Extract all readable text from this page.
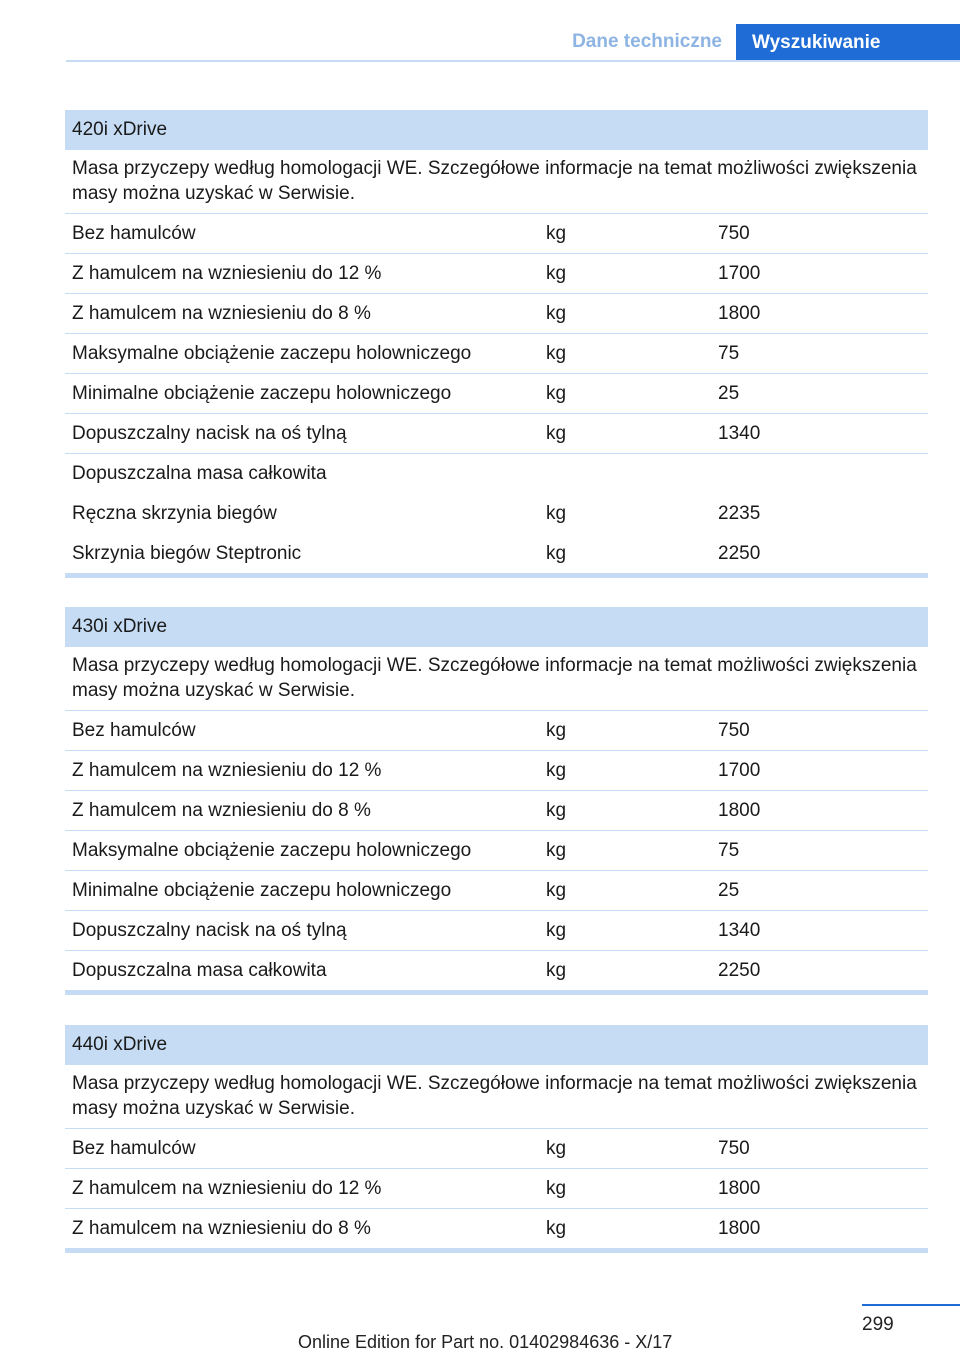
Dane techniczne	Wyszukiwanie
420i xDrive
Masa przyczepy według homologacji WE. Szczegółowe informacje na temat możliwości zwiększenia masy można uzyskać w Serwisie.
Bez hamulców	kg	750
Z hamulcem na wzniesieniu do 12 %	kg	1700
Z hamulcem na wzniesieniu do 8 %	kg	1800
Maksymalne obciążenie zaczepu holowniczego	kg	75
Minimalne obciążenie zaczepu holowniczego	kg	25
Dopuszczalny nacisk na oś tylną	kg	1340
Dopuszczalna masa całkowita
Ręczna skrzynia biegów	kg	2235
Skrzynia biegów Steptronic	kg	2250
430i xDrive
Masa przyczepy według homologacji WE. Szczegółowe informacje na temat możliwości zwiększenia masy można uzyskać w Serwisie.
Bez hamulców	kg	750
Z hamulcem na wzniesieniu do 12 %	kg	1700
Z hamulcem na wzniesieniu do 8 %	kg	1800
Maksymalne obciążenie zaczepu holowniczego	kg	75
Minimalne obciążenie zaczepu holowniczego	kg	25
Dopuszczalny nacisk na oś tylną	kg	1340
Dopuszczalna masa całkowita	kg	2250
440i xDrive
Masa przyczepy według homologacji WE. Szczegółowe informacje na temat możliwości zwiększenia masy można uzyskać w Serwisie.
Bez hamulców	kg	750
Z hamulcem na wzniesieniu do 12 %	kg	1800
Z hamulcem na wzniesieniu do 8 %	kg	1800
299
Online Edition for Part no. 01402984636 - X/17
